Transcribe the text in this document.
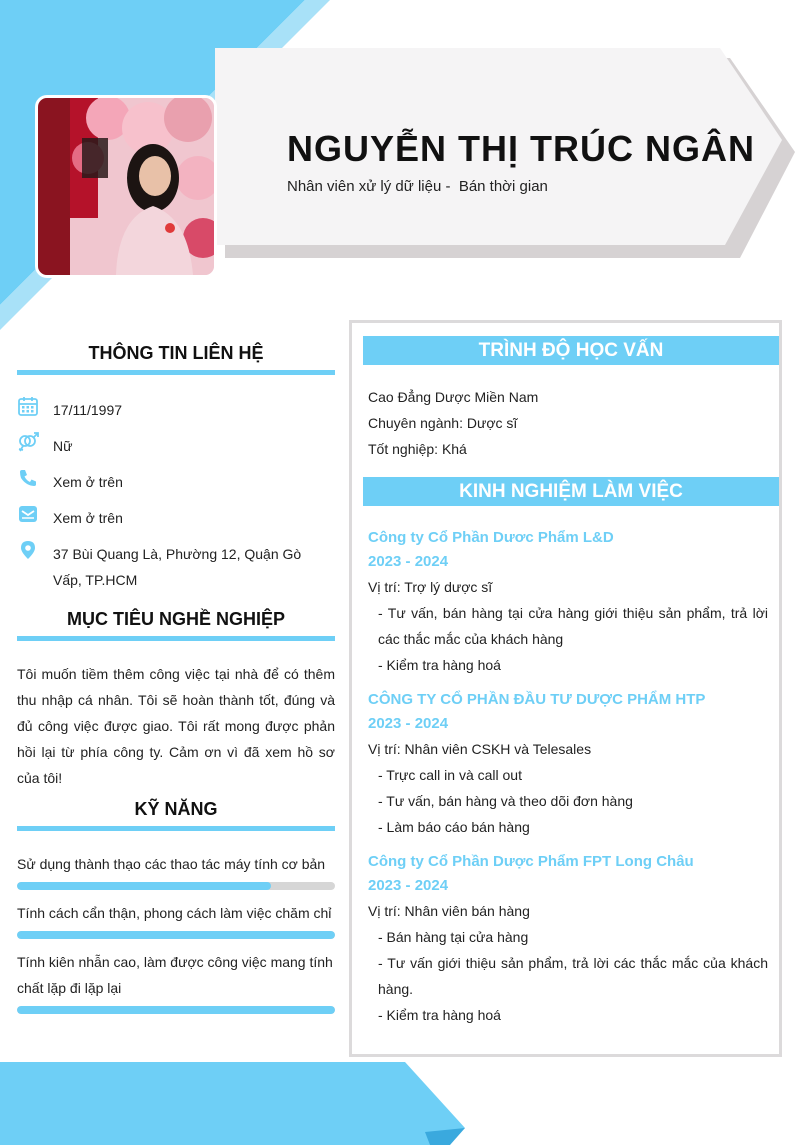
NGUYỄN THỊ TRÚC NGÂN
Nhân viên xử lý dữ liệu -  Bán thời gian
THÔNG TIN LIÊN HỆ
17/11/1997
Nữ
Xem ở trên
Xem ở trên
37 Bùi Quang Là, Phường 12, Quận Gò Vấp, TP.HCM
MỤC TIÊU NGHỀ NGHIỆP
Tôi muốn tiềm thêm công việc tại nhà để có thêm thu nhập cá nhân. Tôi sẽ hoàn thành tốt, đúng và đủ công việc được giao. Tôi rất mong được phản hồi lại từ phía công ty. Cảm ơn vì đã xem hồ sơ của tôi!
KỸ NĂNG
Sử dụng thành thạo các thao tác máy tính cơ bản
Tính cách cẩn thận, phong cách làm việc chăm chỉ
Tính kiên nhẫn cao, làm được công việc mang tính chất lặp đi lặp lại
TRÌNH ĐỘ HỌC VẤN
Cao Đẳng Dược Miền Nam
Chuyên ngành: Dược sĩ
Tốt nghiệp: Khá
KINH NGHIỆM LÀM VIỆC
Công ty Cổ Phần Dươc Phẩm L&D
2023 - 2024
Vị trí: Trợ lý dược sĩ
- Tư vấn, bán hàng tại cửa hàng giới thiệu sản phẩm, trả lời các thắc mắc của khách hàng
- Kiểm tra hàng hoá
CÔNG TY CỔ PHẦN ĐẦU TƯ DƯỢC PHẨM HTP
2023 - 2024
Vị trí: Nhân viên CSKH và Telesales
- Trực call in và call out
- Tư vấn, bán hàng và theo dõi đơn hàng
- Làm báo cáo bán hàng
Công ty Cổ Phần Dược Phẩm FPT Long Châu
2023 - 2024
Vị trí: Nhân viên bán hàng
- Bán hàng tại cửa hàng
- Tư vấn giới thiệu sản phẩm, trả lời các thắc mắc của khách hàng.
- Kiểm tra hàng hoá
© Timviec365.vn
